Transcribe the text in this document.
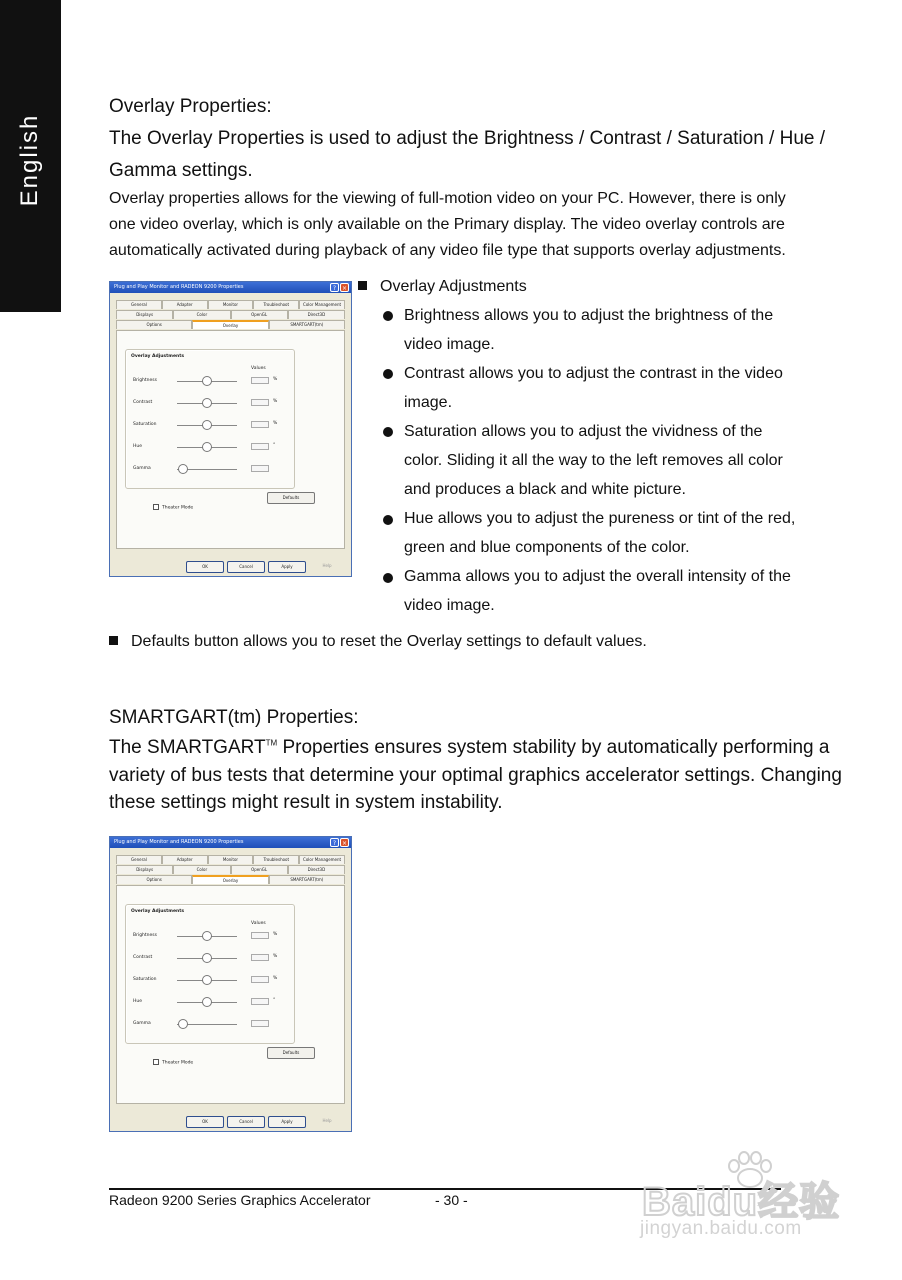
English
Overlay Properties:
The Overlay Properties is used to adjust the Brightness / Contrast / Saturation / Hue /
Gamma settings.
Overlay properties allows for the viewing of full-motion video on your PC. However, there is only
one video overlay, which is only available on the Primary display. The video overlay controls are
automatically activated during playback of any video file type that supports overlay adjustments.
Plug and Play Monitor and RADEON 9200 Properties	? ×
General	Adapter	Monitor	Troubleshoot	Color Management
Displays	Color	OpenGL	Direct3D
Options	Overlay	SMARTGART(tm)
Overlay Adjustments
Values
Brightness	%
Contrast	%
Saturation	%
Hue	°
Gamma
Defaults
Theater Mode
OK	Cancel	Apply	Help
Overlay Adjustments
Brightness allows you to adjust the brightness of the
video image.
Contrast allows you to adjust the contrast in the video
image.
Saturation allows you to adjust the vividness of the
color. Sliding it all the way to the left removes all color
and produces a black and white picture.
Hue allows you to adjust the pureness or tint of the red,
green and blue components of the color.
Gamma allows you to adjust the overall intensity of the
video image.
Defaults button allows you to reset the Overlay settings to default values.
SMARTGART(tm) Properties:
The SMARTGART™ Properties ensures system stability by automatically performing a
variety of bus tests that determine your optimal graphics accelerator settings. Changing
these settings might result in system instability.
Plug and Play Monitor and RADEON 9200 Properties	? ×
General	Adapter	Monitor	Troubleshoot	Color Management
Displays	Color	OpenGL	Direct3D
Options	Overlay	SMARTGART(tm)
Overlay Adjustments
Values
Brightness	%
Contrast	%
Saturation	%
Hue	°
Gamma
Defaults
Theater Mode
OK	Cancel	Apply	Help
Radeon 9200 Series Graphics Accelerator	- 30 -	Baidu经验
jingyan.baidu.com
